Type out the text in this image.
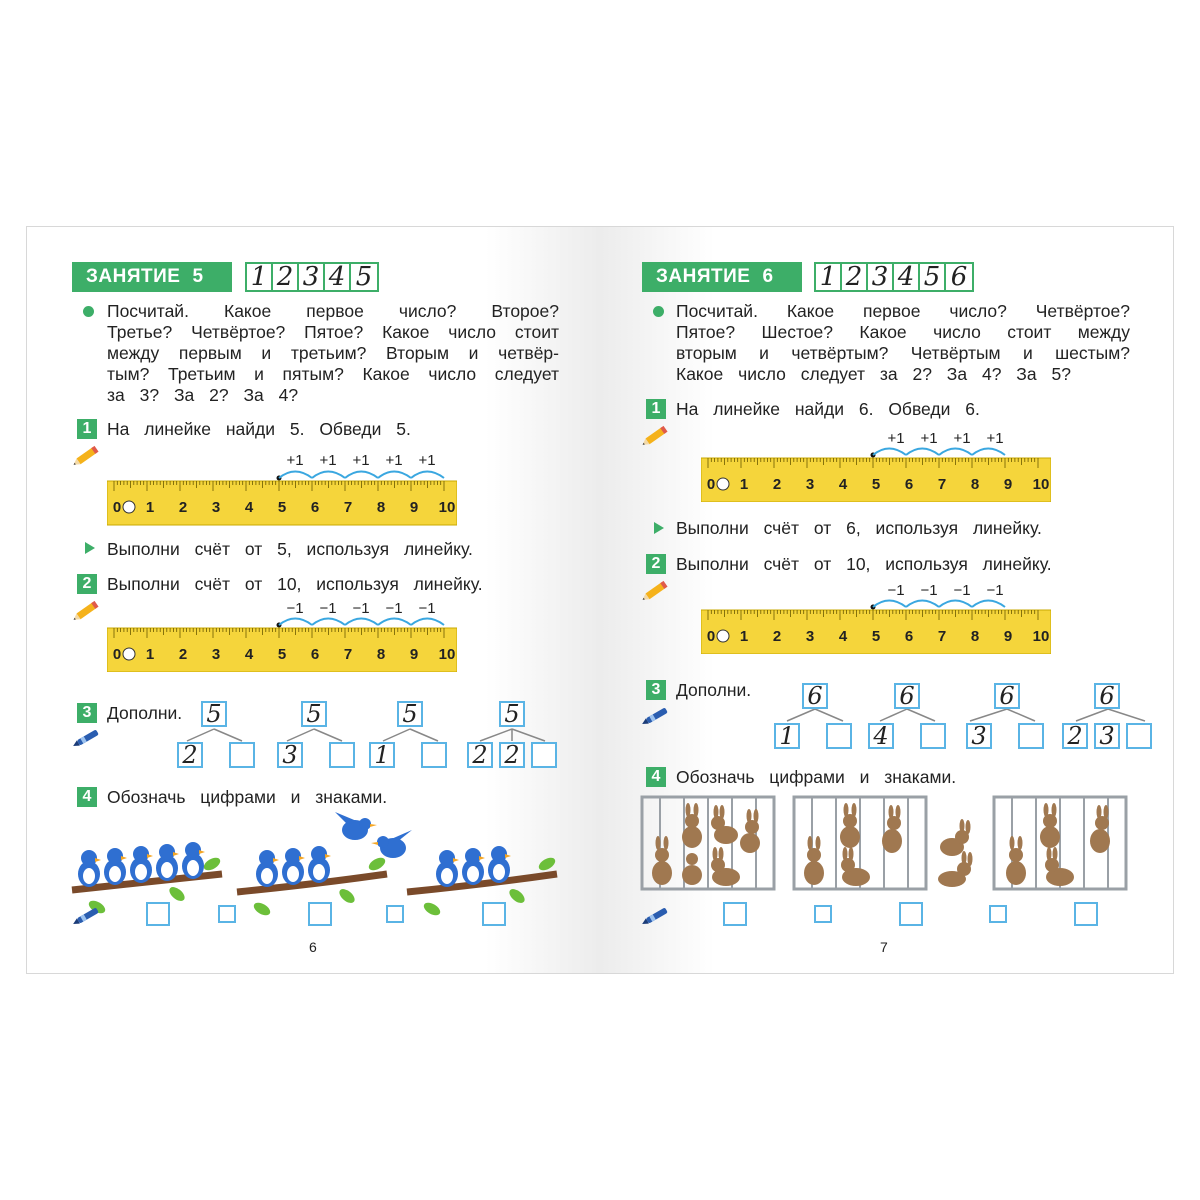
ЗАНЯТИЕ 5 1 2 3 4 5
Посчитай. Какое первое число? Второе?
Третье? Четвёртое? Пятое? Какое число стоит
между первым и третьим? Вторым и четвёр-
тым? Третьим и пятым? Какое число следует
за 3? За 2? За 4?
1 На линейке найди 5. Обведи 5.
+1 +1 +1 +1 +1
0 1 2 3 4 5 6 7 8 9 10
Выполни счёт от 5, используя линейку.
2 Выполни счёт от 10, используя линейку.
−1 −1 −1 −1 −1
0 1 2 3 4 5 6 7 8 9 10
3 Дополни. 5
2
5
3
5
1
5
2 2
4 Обозначь цифрами и знаками.
6
ЗАНЯТИЕ 6 1 2 3 4 5 6
Посчитай. Какое первое число? Четвёртое?
Пятое? Шестое? Какое число стоит между
вторым и четвёртым? Четвёртым и шестым?
Какое число следует за 2? За 4? За 5?
1 На линейке найди 6. Обведи 6.
+1 +1 +1 +1
0 1 2 3 4 5 6 7 8 9 10
Выполни счёт от 6, используя линейку.
2 Выполни счёт от 10, используя линейку.
−1 −1 −1 −1
0 1 2 3 4 5 6 7 8 9 10
3 Дополни. 6
1
6
4
6
3
6
2 3
4 Обозначь цифрами и знаками.
7
